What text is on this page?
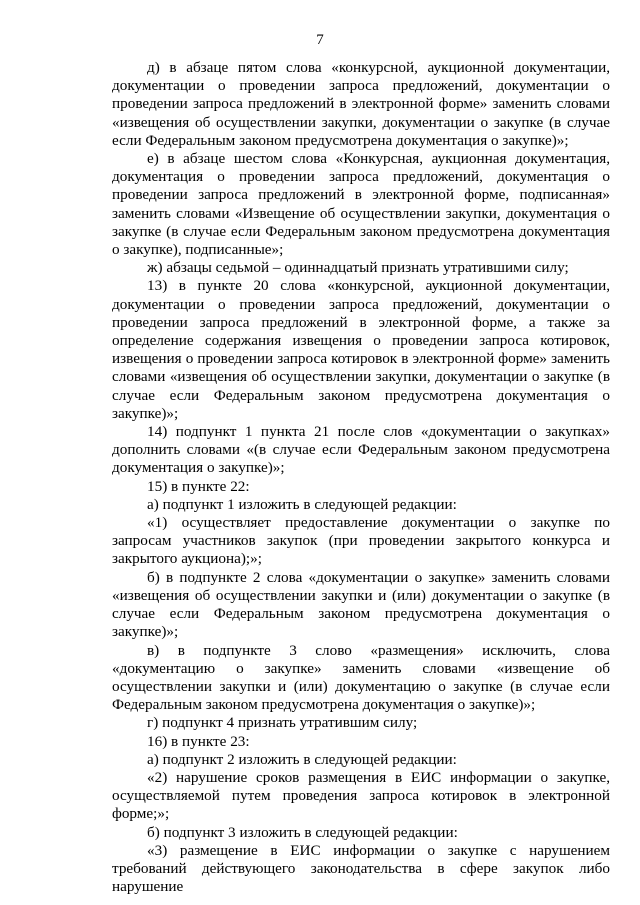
7

д) в абзаце пятом слова «конкурсной, аукционной документации, документации о проведении запроса предложений, документации о проведении запроса предложений в электронной форме» заменить словами «извещения об осуществлении закупки, документации о закупке (в случае если Федеральным законом предусмотрена документация о закупке)»;

е) в абзаце шестом слова «Конкурсная, аукционная документация, документация о проведении запроса предложений, документация о проведении запроса предложений в электронной форме, подписанная» заменить словами «Извещение об осуществлении закупки, документация о закупке (в случае если Федеральным законом предусмотрена документация о закупке), подписанные»;

ж) абзацы седьмой – одиннадцатый признать утратившими силу;

13) в пункте 20 слова «конкурсной, аукционной документации, документации о проведении запроса предложений, документации о проведении запроса предложений в электронной форме, а также за определение содержания извещения о проведении запроса котировок, извещения о проведении запроса котировок в электронной форме» заменить словами «извещения об осуществлении закупки, документации о закупке (в случае если Федеральным законом предусмотрена документация о закупке)»;

14) подпункт 1 пункта 21 после слов «документации о закупках» дополнить словами «(в случае если Федеральным законом предусмотрена документация о закупке)»;

15) в пункте 22:

а) подпункт 1 изложить в следующей редакции:

«1) осуществляет предоставление документации о закупке по запросам участников закупок (при проведении закрытого конкурса и закрытого аукциона);»;

б) в подпункте 2 слова «документации о закупке» заменить словами «извещения об осуществлении закупки и (или) документации о закупке (в случае если Федеральным законом предусмотрена документация о закупке)»;

в) в подпункте 3 слово «размещения» исключить, слова «документацию о закупке» заменить словами «извещение об осуществлении закупки и (или) документацию о закупке (в случае если Федеральным законом предусмотрена документация о закупке)»;

г) подпункт 4 признать утратившим силу;

16) в пункте 23:

а) подпункт 2 изложить в следующей редакции:

«2) нарушение сроков размещения в ЕИС информации о закупке, осуществляемой путем проведения запроса котировок в электронной форме;»;

б) подпункт 3 изложить в следующей редакции:

«3) размещение в ЕИС информации о закупке с нарушением требований действующего законодательства в сфере закупок либо нарушение
